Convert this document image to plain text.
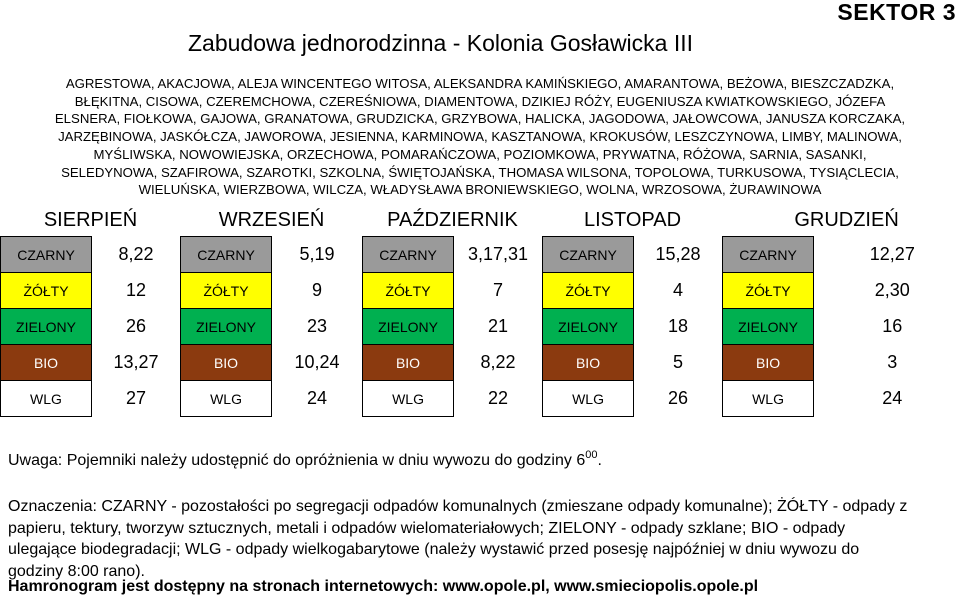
SEKTOR 3
Zabudowa jednorodzinna - Kolonia Gosławicka III
AGRESTOWA, AKACJOWA, ALEJA WINCENTEGO WITOSA, ALEKSANDRA KAMIŃSKIEGO, AMARANTOWA, BEŻOWA, BIESZCZADZKA,
BŁĘKITNA, CISOWA, CZEREMCHOWA, CZEREŚNIOWA, DIAMENTOWA, DZIKIEJ RÓŻY, EUGENIUSZA KWIATKOWSKIEGO, JÓZEFA
ELSNERA, FIOŁKOWA, GAJOWA, GRANATOWA, GRUDZICKA, GRZYBOWA, HALICKA, JAGODOWA, JAŁOWCOWA, JANUSZA KORCZAKA,
JARZĘBINOWA, JASKÓŁCZA, JAWOROWA, JESIENNA, KARMINOWA, KASZTANOWA, KROKUSÓW, LESZCZYNOWA, LIMBY, MALINOWA,
MYŚLIWSKA, NOWOWIEJSKA, ORZECHOWA, POMARAŃCZOWA, POZIOMKOWA, PRYWATNA, RÓŻOWA, SARNIA, SASANKI,
SELEDYNOWA, SZAFIROWA, SZAROTKI, SZKOLNA, ŚWIĘTOJAŃSKA, THOMASA WILSONA, TOPOLOWA, TURKUSOWA, TYSIĄCLECIA,
WIELUŃSKA, WIERZBOWA, WILCZA, WŁADYSŁAWA BRONIEWSKIEGO, WOLNA, WRZOSOWA, ŻURAWINOWA
SIERPIEŃ		WRZESIEŃ		PAŹDZIERNIK		LISTOPAD		GRUDZIEŃ	
CZARNY	8,22	CZARNY	5,19	CZARNY	3,17,31	CZARNY	15,28	CZARNY	12,27
ŻÓŁTY	12	ŻÓŁTY	9	ŻÓŁTY	7	ŻÓŁTY	4	ŻÓŁTY	2,30
ZIELONY	26	ZIELONY	23	ZIELONY	21	ZIELONY	18	ZIELONY	16
BIO	13,27	BIO	10,24	BIO	8,22	BIO	5	BIO	3
WLG	27	WLG	24	WLG	22	WLG	26	WLG	24
Uwaga: Pojemniki należy udostępnić do opróżnienia w dniu wywozu do godziny $6^{00}$.
Oznaczenia: CZARNY - pozostałości po segregacji odpadów komunalnych (zmieszane odpady komunalne); ŻÓŁTY - odpady z papieru, tektury, tworzyw sztucznych, metali i odpadów wielomateriałowych; ZIELONY - odpady szklane; BIO - odpady ulegające biodegradacji; WLG - odpady wielkogabarytowe (należy wystawić przed posesję najpóźniej w dniu wywozu do godziny 8:00 rano).
Hamronogram jest dostępny na stronach internetowych: www.opole.pl, www.smieciopolis.opole.pl
